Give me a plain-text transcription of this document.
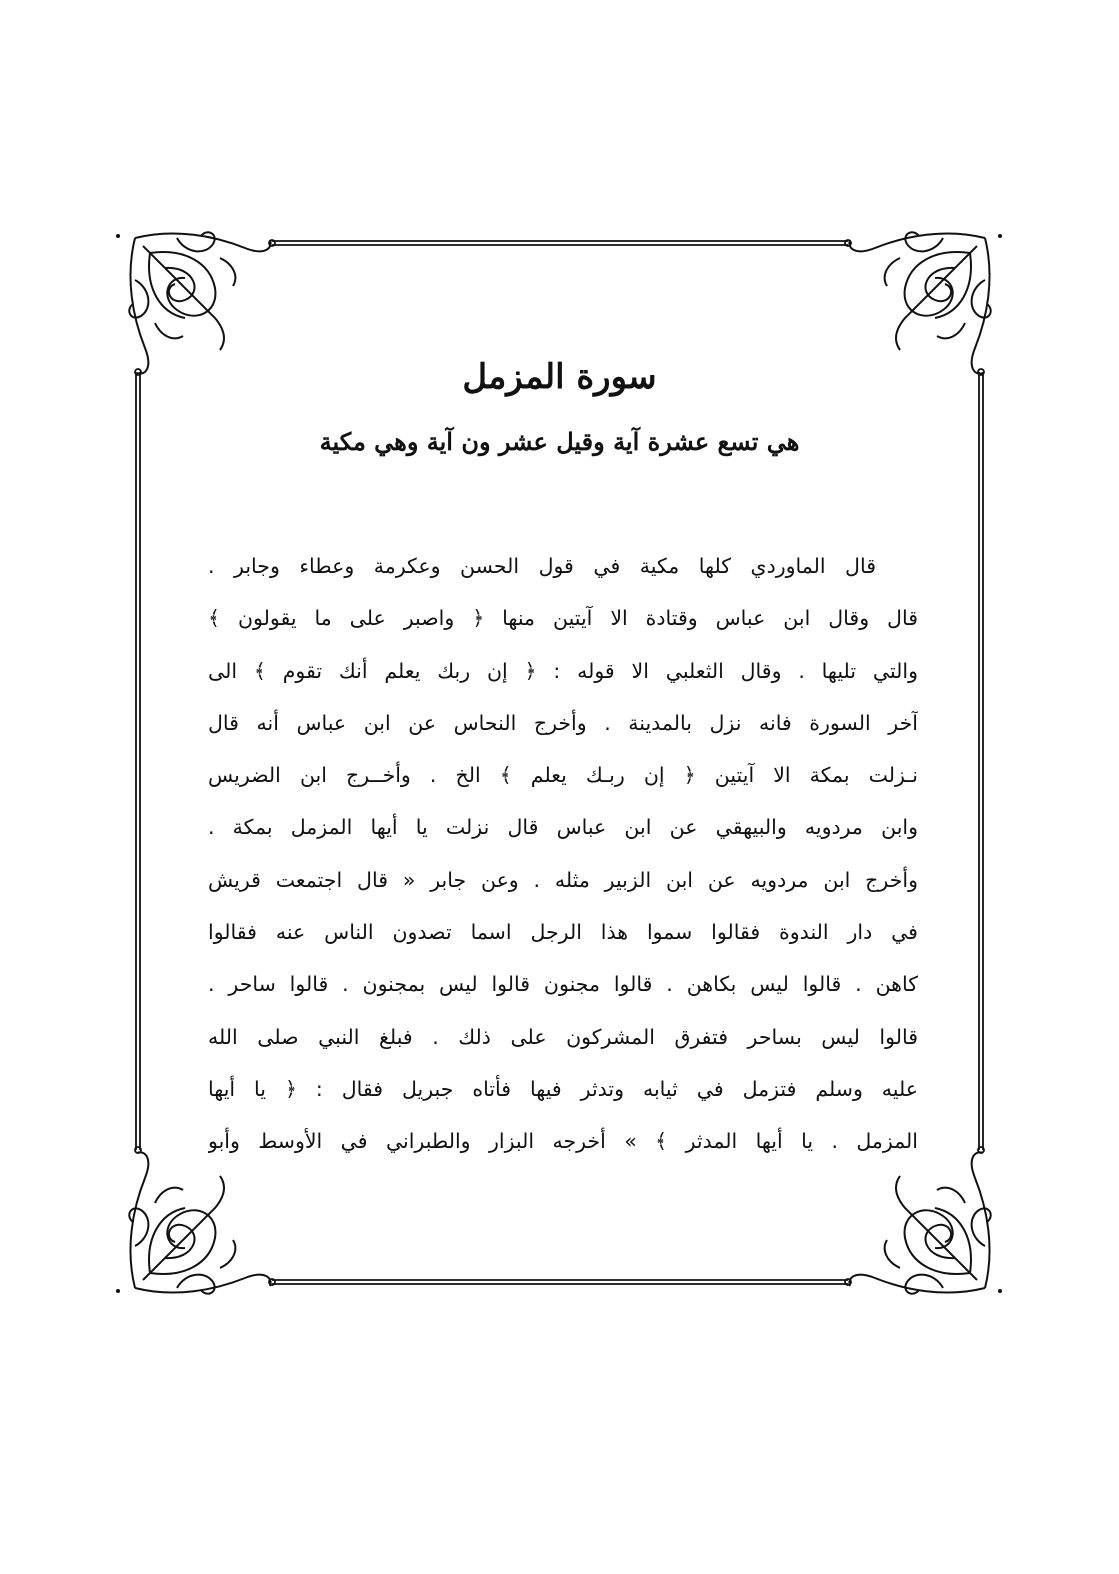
سورة المزمل
هي تسع عشرة آية وقيل عشر ون آية وهي مكية
قال الماوردي كلها مكية في قول الحسن وعكرمة وعطاء وجابر .
قال وقال ابن عباس وقتادة الا آيتين منها ﴿ واصبر على ما يقولون ﴾
والتي تليها . وقال الثعلبي الا قوله : ﴿ إن ربك يعلم أنك تقوم ﴾ الى
آخر السورة فانه نزل بالمدينة . وأخرج النحاس عن ابن عباس أنه قال
نـزلت بمكة الا آيتين ﴿ إن ربـك يعلم ﴾ الخ . وأخــرج ابن الضريس
وابن مردويه والبيهقي عن ابن عباس قال نزلت يا أيها المزمل بمكة .
وأخرج ابن مردويه عن ابن الزبير مثله . وعن جابر « قال اجتمعت قريش
في دار الندوة فقالوا سموا هذا الرجل اسما تصدون الناس عنه فقالوا
كاهن . قالوا ليس بكاهن . قالوا مجنون قالوا ليس بمجنون . قالوا ساحر .
قالوا ليس بساحر فتفرق المشركون على ذلك . فبلغ النبي صلى الله
عليه وسلم فتزمل في ثيابه وتدثر فيها فأتاه جبريل فقال : ﴿ يا أيها
المزمل . يا أيها المدثر ﴾ » أخرجه البزار والطبراني في الأوسط وأبو
